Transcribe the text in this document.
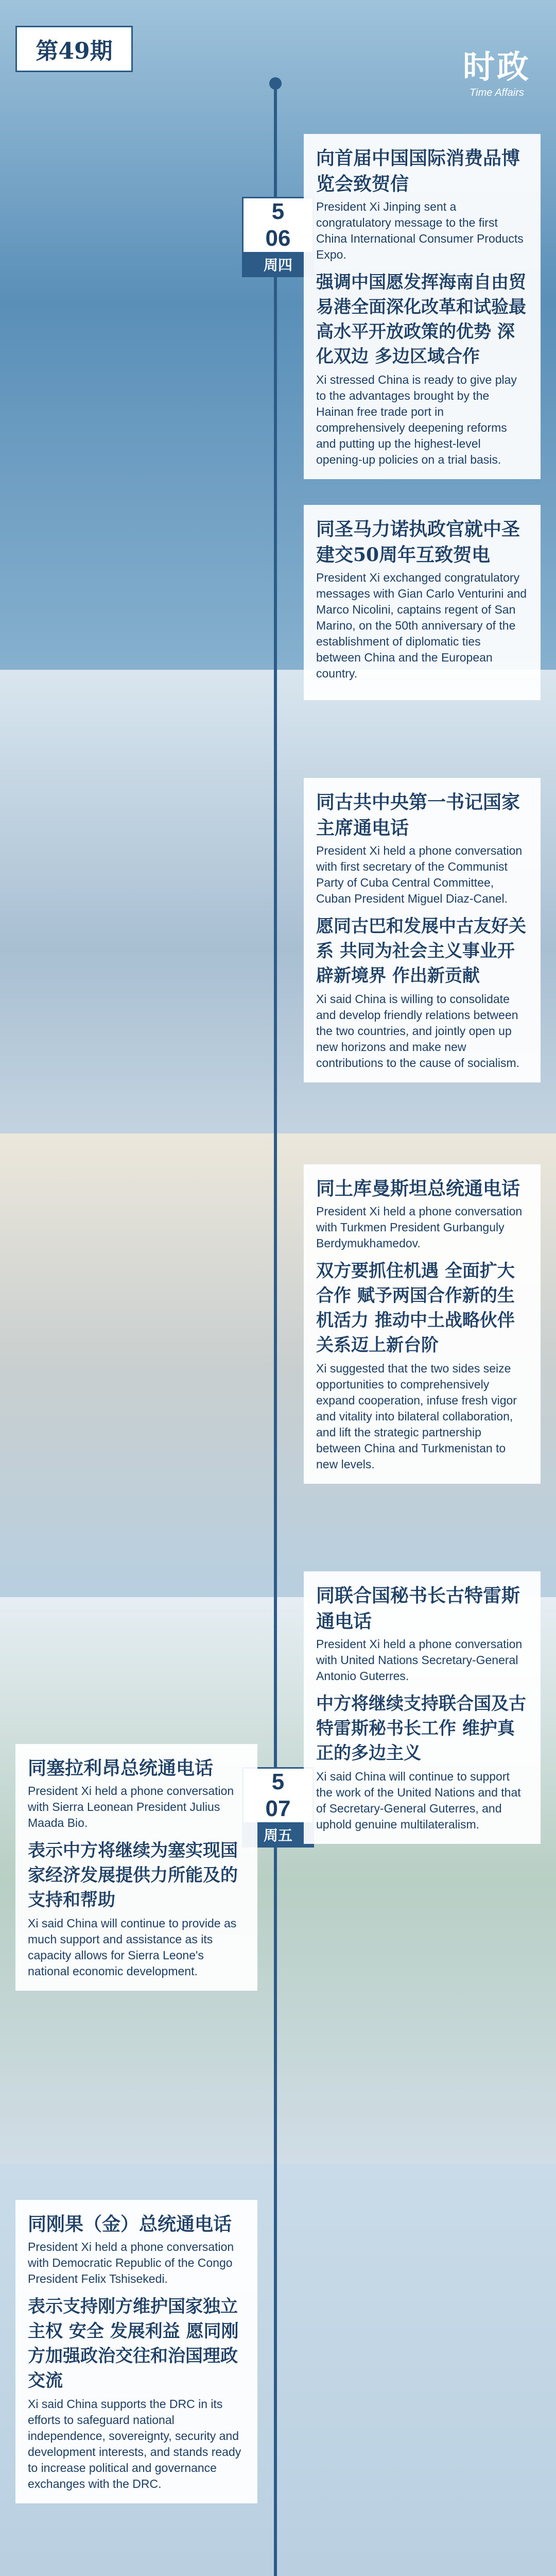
第49期	时政
Time Affairs
5
06
周四
5
07
周五

向首届中国国际消费品博览会致贺信

President Xi Jinping sent a congratulatory message to the first China International Consumer Products Expo.

强调中国愿发挥海南自由贸易港全面深化改革和试验最高水平开放政策的优势 深化双边 多边区域合作

Xi stressed China is ready to give play to the advantages brought by the Hainan free trade port in comprehensively deepening reforms and putting up the highest-level opening-up policies on a trial basis.

同圣马力诺执政官就中圣建交50周年互致贺电

President Xi exchanged congratulatory messages with Gian Carlo Venturini and Marco Nicolini, captains regent of San Marino, on the 50th anniversary of the establishment of diplomatic ties between China and the European country.

同古共中央第一书记国家主席通电话

President Xi held a phone conversation with first secretary of the Communist Party of Cuba Central Committee, Cuban President Miguel Diaz-Canel.

愿同古巴和发展中古友好关系 共同为社会主义事业开辟新境界 作出新贡献

Xi said China is willing to consolidate and develop friendly relations between the two countries, and jointly open up new horizons and make new contributions to the cause of socialism.

同土库曼斯坦总统通电话

President Xi held a phone conversation with Turkmen President Gurbanguly Berdymukhamedov.

双方要抓住机遇 全面扩大合作 赋予两国合作新的生机活力 推动中土战略伙伴关系迈上新台阶

Xi suggested that the two sides seize opportunities to comprehensively expand cooperation, infuse fresh vigor and vitality into bilateral collaboration, and lift the strategic partnership between China and Turkmenistan to new levels.

同联合国秘书长古特雷斯通电话

President Xi held a phone conversation with United Nations Secretary-General Antonio Guterres.

中方将继续支持联合国及古特雷斯秘书长工作 维护真正的多边主义

Xi said China will continue to support the work of the United Nations and that of Secretary-General Guterres, and uphold genuine multilateralism.

同塞拉利昂总统通电话

President Xi held a phone conversation with Sierra Leonean President Julius Maada Bio.

表示中方将继续为塞实现国家经济发展提供力所能及的支持和帮助

Xi said China will continue to provide as much support and assistance as its capacity allows for Sierra Leone's national economic development.

同刚果（金）总统通电话

President Xi held a phone conversation with Democratic Republic of the Congo President Felix Tshisekedi.

表示支持刚方维护国家独立 主权 安全 发展利益 愿同刚方加强政治交往和治国理政交流

Xi said China supports the DRC in its efforts to safeguard national independence, sovereignty, security and development interests, and stands ready to increase political and governance exchanges with the DRC.
